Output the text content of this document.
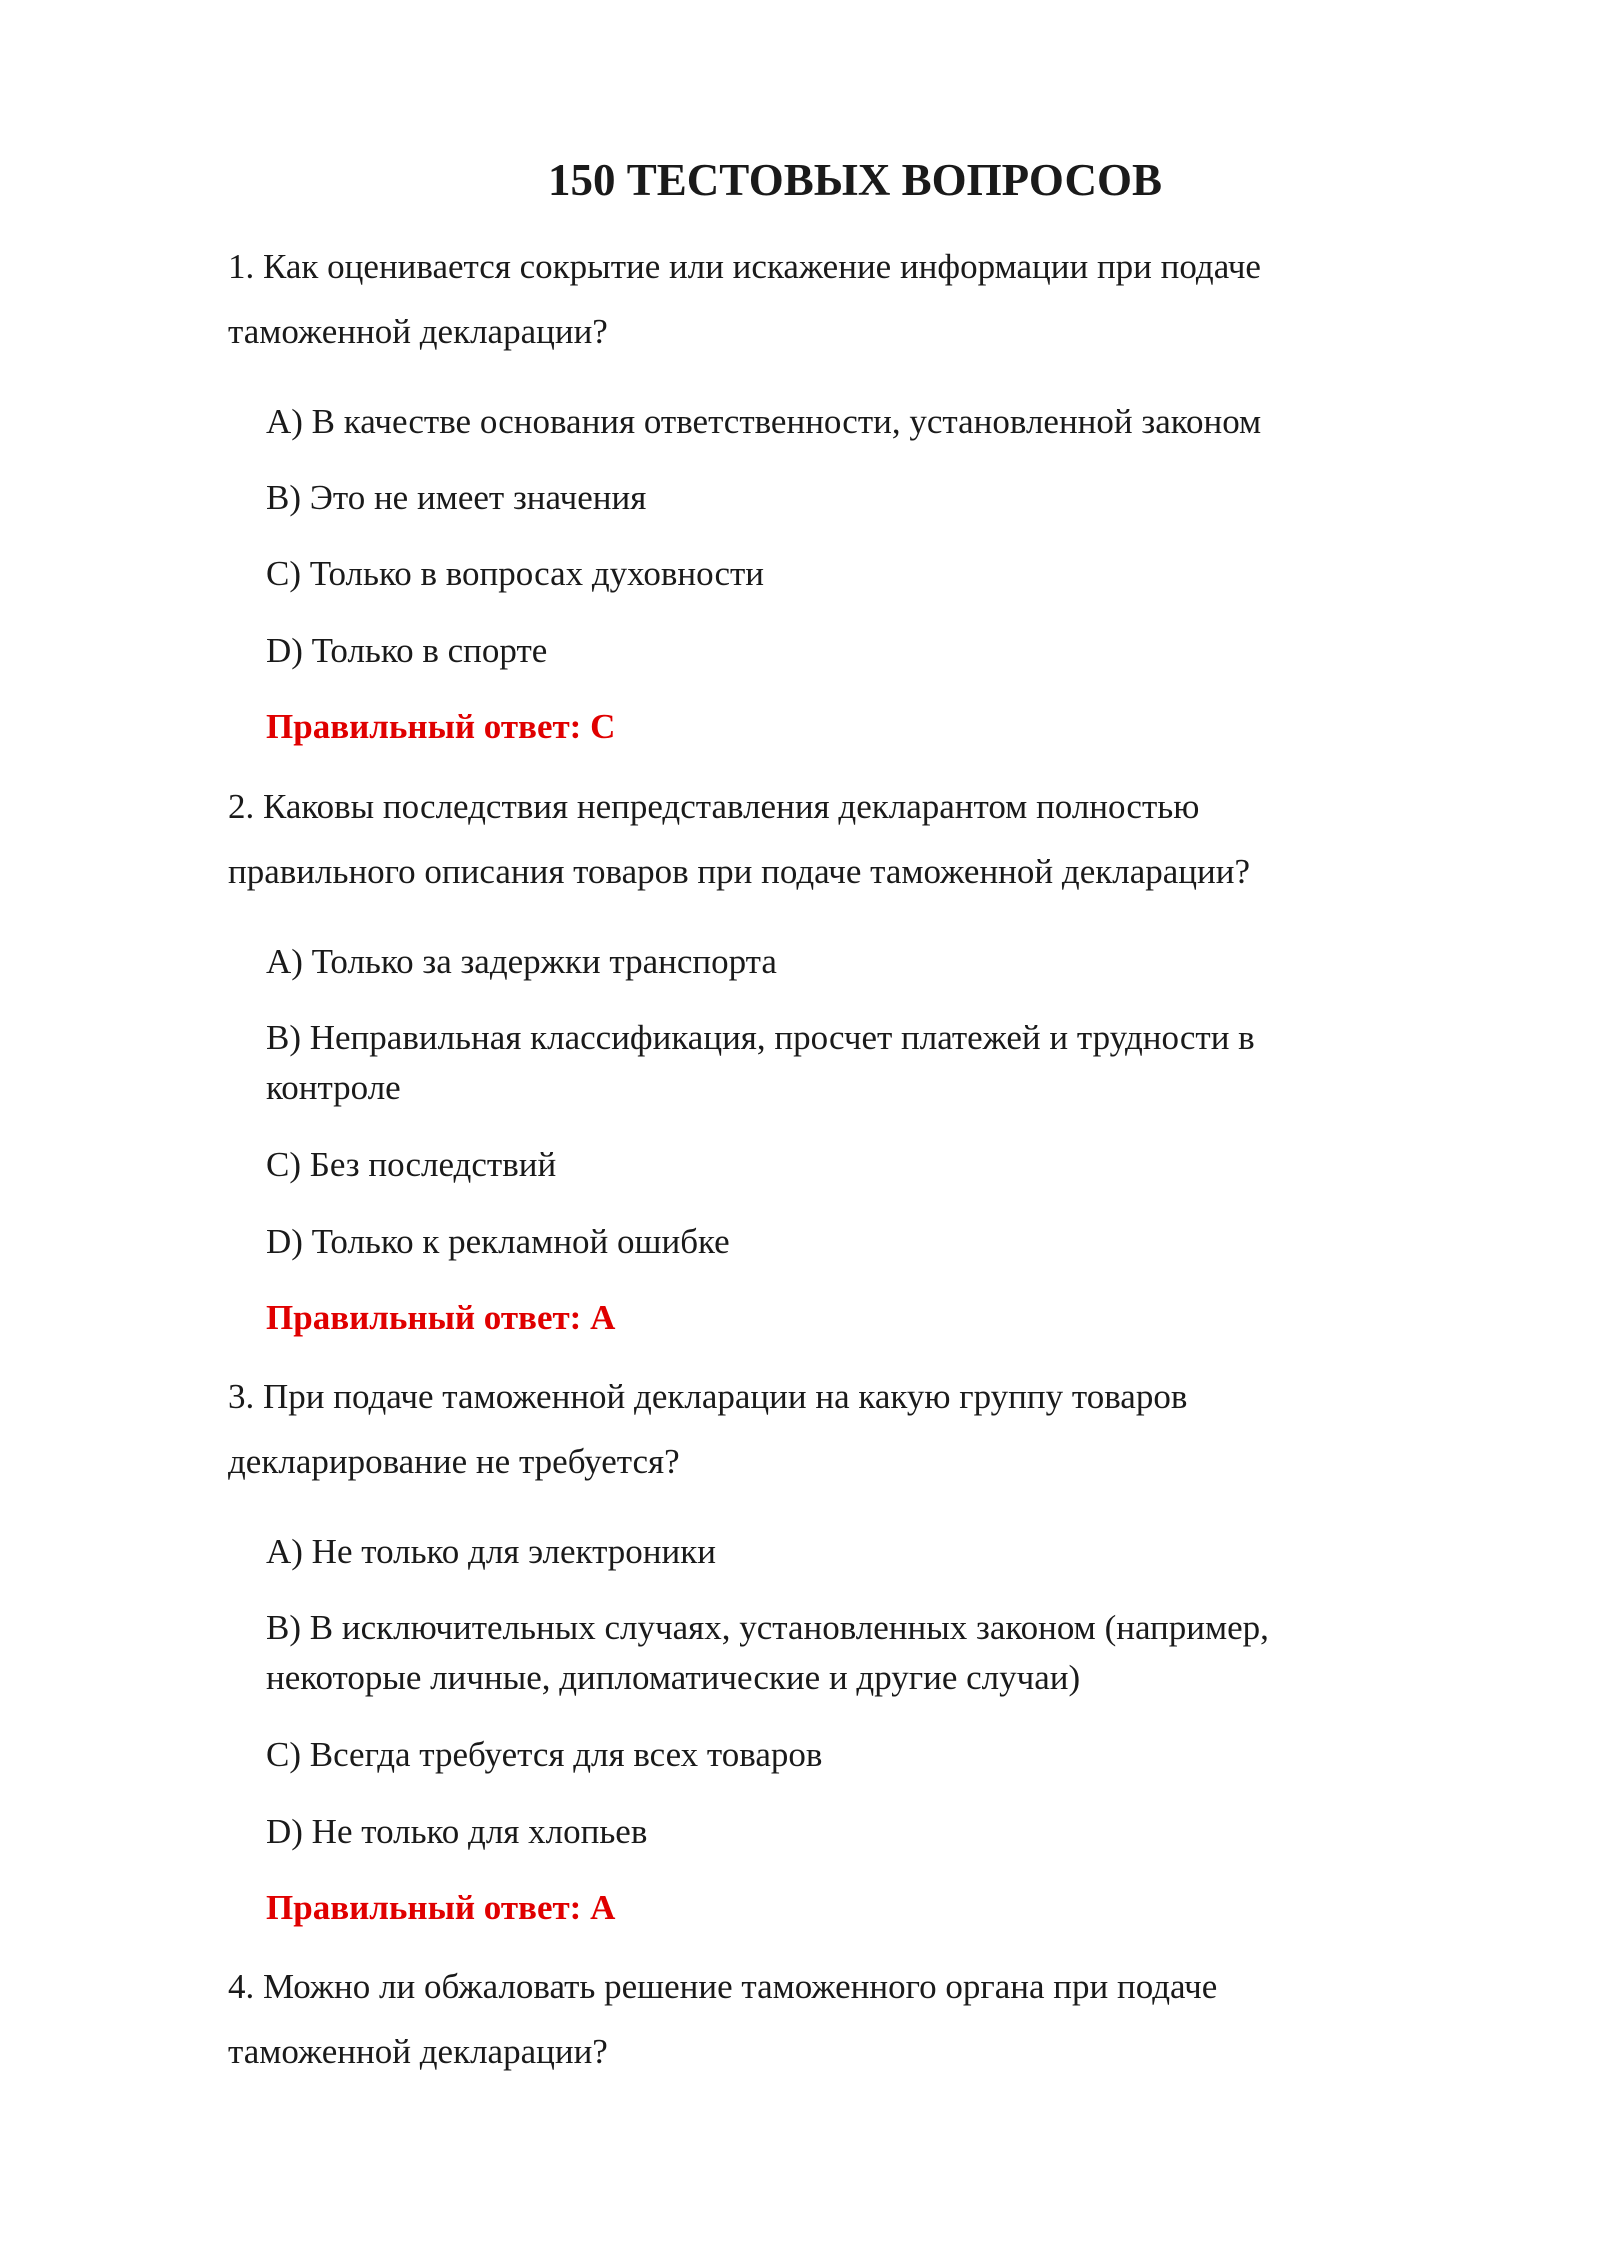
150 ТЕСТОВЫХ ВОПРОСОВ

1. Как оценивается сокрытие или искажение информации при подаче таможенной декларации?

A) В качестве основания ответственности, установленной законом

B) Это не имеет значения

C) Только в вопросах духовности

D) Только в спорте

Правильный ответ: C

2. Каковы последствия непредставления декларантом полностью правильного описания товаров при подаче таможенной декларации?

A) Только за задержки транспорта

B) Неправильная классификация, просчет платежей и трудности в контроле

C) Без последствий

D) Только к рекламной ошибке

Правильный ответ: A

3. При подаче таможенной декларации на какую группу товаров декларирование не требуется?

A) Не только для электроники

B) В исключительных случаях, установленных законом (например, некоторые личные, дипломатические и другие случаи)

C) Всегда требуется для всех товаров

D) Не только для хлопьев

Правильный ответ: A

4. Можно ли обжаловать решение таможенного органа при подаче таможенной декларации?
